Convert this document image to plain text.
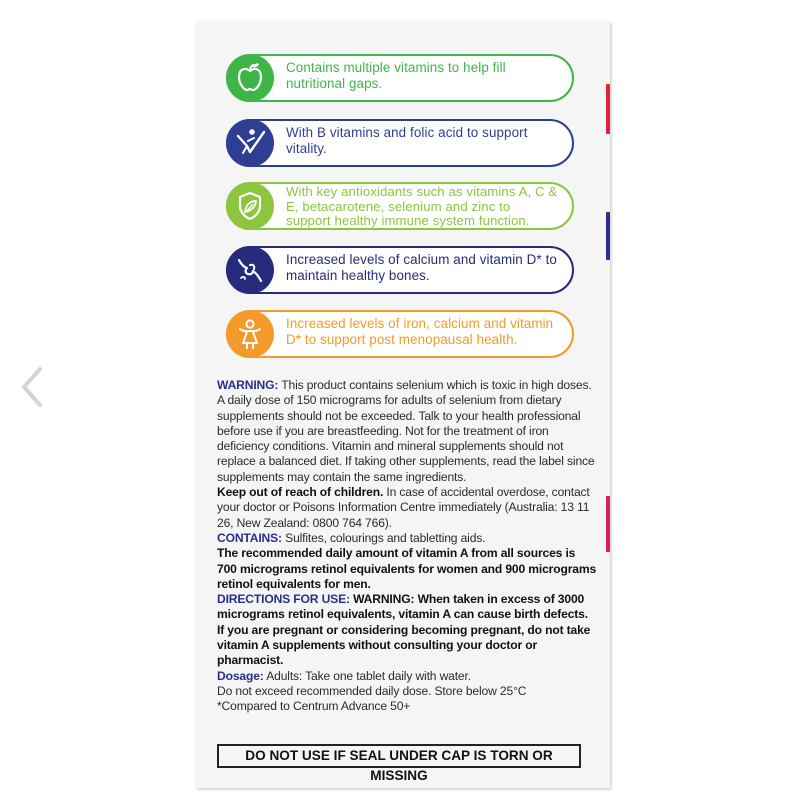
Contains multiple vitamins to help fill nutritional gaps.
With B vitamins and folic acid to support vitality.
With key antioxidants such as vitamins A, C & E, betacarotene, selenium and zinc to support healthy immune system function.
Increased levels of calcium and vitamin D* to maintain healthy bones.
Increased levels of iron, calcium and vitamin D* to support post menopausal health.

WARNING: This product contains selenium which is toxic in high doses. A daily dose of 150 micrograms for adults of selenium from dietary supplements should not be exceeded. Talk to your health professional before use if you are breastfeeding. Not for the treatment of iron deficiency conditions. Vitamin and mineral supplements should not replace a balanced diet. If taking other supplements, read the label since supplements may contain the same ingredients.

Keep out of reach of children. In case of accidental overdose, contact your doctor or Poisons Information Centre immediately (Australia: 13 11 26, New Zealand: 0800 764 766).

CONTAINS: Sulfites, colourings and tabletting aids.

The recommended daily amount of vitamin A from all sources is 700 micrograms retinol equivalents for women and 900 micrograms retinol equivalents for men.

DIRECTIONS FOR USE: WARNING: When taken in excess of 3000 micrograms retinol equivalents, vitamin A can cause birth defects. If you are pregnant or considering becoming pregnant, do not take vitamin A supplements without consulting your doctor or pharmacist.

Dosage: Adults: Take one tablet daily with water.

Do not exceed recommended daily dose. Store below 25°C

*Compared to Centrum Advance 50+

DO NOT USE IF SEAL UNDER CAP IS TORN OR MISSING
